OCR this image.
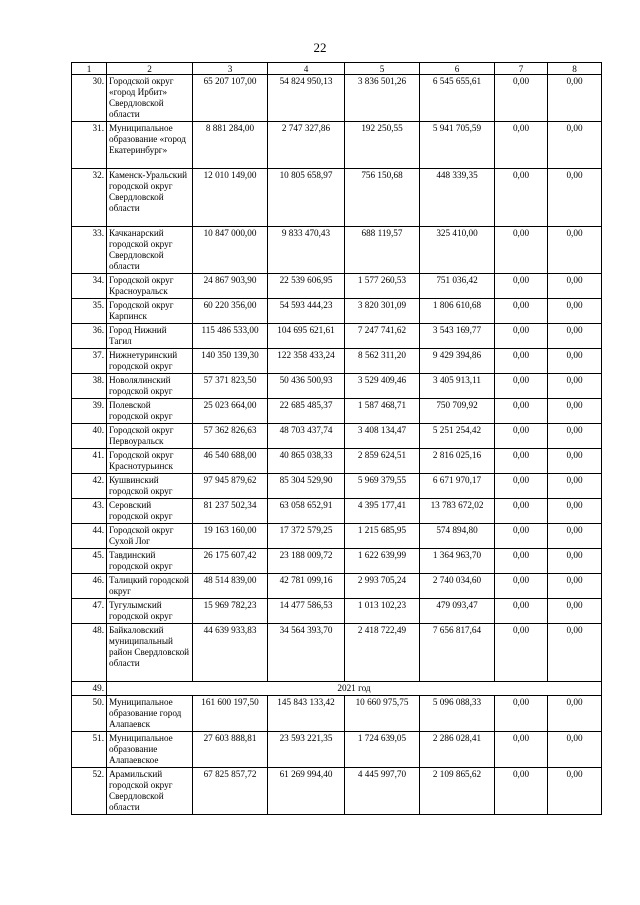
22
1	2	3	4	5	6	7	8
30.	Городской округ «город Ирбит» Свердловской области	65 207 107,00	54 824 950,13	3 836 501,26	6 545 655,61	0,00	0,00
31.	Муниципальное образование «город Екатеринбург»	8 881 284,00	2 747 327,86	192 250,55	5 941 705,59	0,00	0,00
32.	Каменск-Уральский городской округ Свердловской области	12 010 149,00	10 805 658,97	756 150,68	448 339,35	0,00	0,00
33.	Качканарский городской округ Свердловской области	10 847 000,00	9 833 470,43	688 119,57	325 410,00	0,00	0,00
34.	Городской округ Красноуральск	24 867 903,90	22 539 606,95	1 577 260,53	751 036,42	0,00	0,00
35.	Городской округ Карпинск	60 220 356,00	54 593 444,23	3 820 301,09	1 806 610,68	0,00	0,00
36.	Город Нижний Тагил	115 486 533,00	104 695 621,61	7 247 741,62	3 543 169,77	0,00	0,00
37.	Нижнетуринский городской округ	140 350 139,30	122 358 433,24	8 562 311,20	9 429 394,86	0,00	0,00
38.	Новолялинский городской округ	57 371 823,50	50 436 500,93	3 529 409,46	3 405 913,11	0,00	0,00
39.	Полевской городской округ	25 023 664,00	22 685 485,37	1 587 468,71	750 709,92	0,00	0,00
40.	Городской округ Первоуральск	57 362 826,63	48 703 437,74	3 408 134,47	5 251 254,42	0,00	0,00
41.	Городской округ Краснотурьинск	46 540 688,00	40 865 038,33	2 859 624,51	2 816 025,16	0,00	0,00
42.	Кушвинский городской округ	97 945 879,62	85 304 529,90	5 969 379,55	6 671 970,17	0,00	0,00
43.	Серовский городской округ	81 237 502,34	63 058 652,91	4 395 177,41	13 783 672,02	0,00	0,00
44.	Городской округ Сухой Лог	19 163 160,00	17 372 579,25	1 215 685,95	574 894,80	0,00	0,00
45.	Тавдинский городской округ	26 175 607,42	23 188 009,72	1 622 639,99	1 364 963,70	0,00	0,00
46.	Талицкий городской округ	48 514 839,00	42 781 099,16	2 993 705,24	2 740 034,60	0,00	0,00
47.	Тугулымский городской округ	15 969 782,23	14 477 586,53	1 013 102,23	479 093,47	0,00	0,00
48.	Байкаловский муниципальный район Свердловской области	44 639 933,83	34 564 393,70	2 418 722,49	7 656 817,64	0,00	0,00
49.	2021 год						
50.	Муниципальное образование город Алапаевск	161 600 197,50	145 843 133,42	10 660 975,75	5 096 088,33	0,00	0,00
51.	Муниципальное образование Алапаевское	27 603 888,81	23 593 221,35	1 724 639,05	2 286 028,41	0,00	0,00
52.	Арамильский городской округ Свердловской области	67 825 857,72	61 269 994,40	4 445 997,70	2 109 865,62	0,00	0,00
